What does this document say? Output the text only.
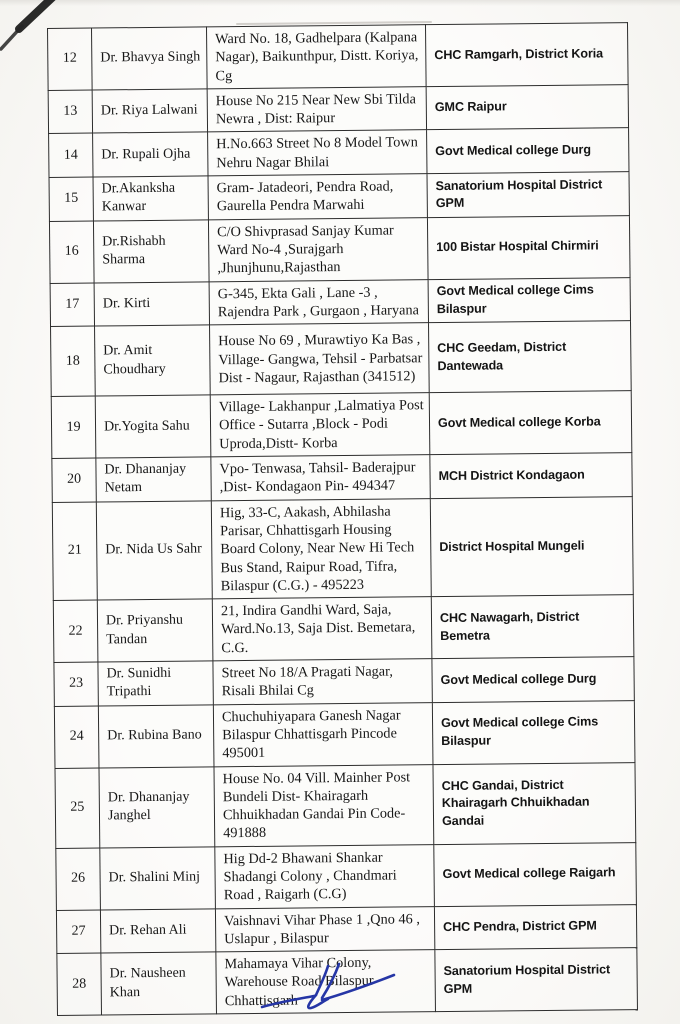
12	Dr. Bhavya Singh	Ward No. 18, Gadhelpara (Kalpana Nagar), Baikunthpur, Distt. Koriya, Cg	CHC Ramgarh, District Koria
13	Dr. Riya Lalwani	House No 215 Near New Sbi Tilda Newra , Dist: Raipur	GMC Raipur
14	Dr. Rupali Ojha	H.No.663 Street No 8 Model Town Nehru Nagar Bhilai	Govt Medical college Durg
15	Dr.Akanksha Kanwar	Gram- Jatadeori, Pendra Road, Gaurella Pendra Marwahi	Sanatorium Hospital District GPM
16	Dr.Rishabh Sharma	C/O Shivprasad Sanjay Kumar Ward No-4 ,Surajgarh ,Jhunjhunu,Rajasthan	100 Bistar Hospital Chirmiri
17	Dr. Kirti	G-345, Ekta Gali , Lane -3 , Rajendra Park , Gurgaon , Haryana	Govt Medical college Cims Bilaspur
18	Dr. Amit Choudhary	House No 69 , Murawtiyo Ka Bas , Village- Gangwa, Tehsil - Parbatsar Dist - Nagaur, Rajasthan (341512)	CHC Geedam, District Dantewada
19	Dr.Yogita Sahu	Village- Lakhanpur ,Lalmatiya Post Office - Sutarra ,Block - Podi Uproda,Distt- Korba	Govt Medical college Korba
20	Dr. Dhananjay Netam	Vpo- Tenwasa, Tahsil- Baderajpur ,Dist- Kondagaon Pin- 494347	MCH District Kondagaon
21	Dr. Nida Us Sahr	Hig, 33-C, Aakash, Abhilasha Parisar, Chhattisgarh Housing Board Colony, Near New Hi Tech Bus Stand, Raipur Road, Tifra, Bilaspur (C.G.) - 495223	District Hospital Mungeli
22	Dr. Priyanshu Tandan	21, Indira Gandhi Ward, Saja, Ward.No.13, Saja Dist. Bemetara, C.G.	CHC Nawagarh, District Bemetra
23	Dr. Sunidhi Tripathi	Street No 18/A Pragati Nagar, Risali Bhilai Cg	Govt Medical college Durg
24	Dr. Rubina Bano	Chuchuhiyapara Ganesh Nagar Bilaspur Chhattisgarh Pincode 495001	Govt Medical college Cims Bilaspur
25	Dr. Dhananjay Janghel	House No. 04 Vill. Mainher Post Bundeli Dist- Khairagarh Chhuikhadan Gandai Pin Code- 491888	CHC Gandai, District Khairagarh Chhuikhadan Gandai
26	Dr. Shalini Minj	Hig Dd-2 Bhawani Shankar Shadangi Colony , Chandmari Road , Raigarh (C.G)	Govt Medical college Raigarh
27	Dr. Rehan Ali	Vaishnavi Vihar Phase 1 ,Qno 46 , Uslapur , Bilaspur	CHC Pendra, District GPM
28	Dr. Nausheen Khan	Mahamaya Vihar Colony, Warehouse Road Bilaspur Chhattisgarh	Sanatorium Hospital District GPM
